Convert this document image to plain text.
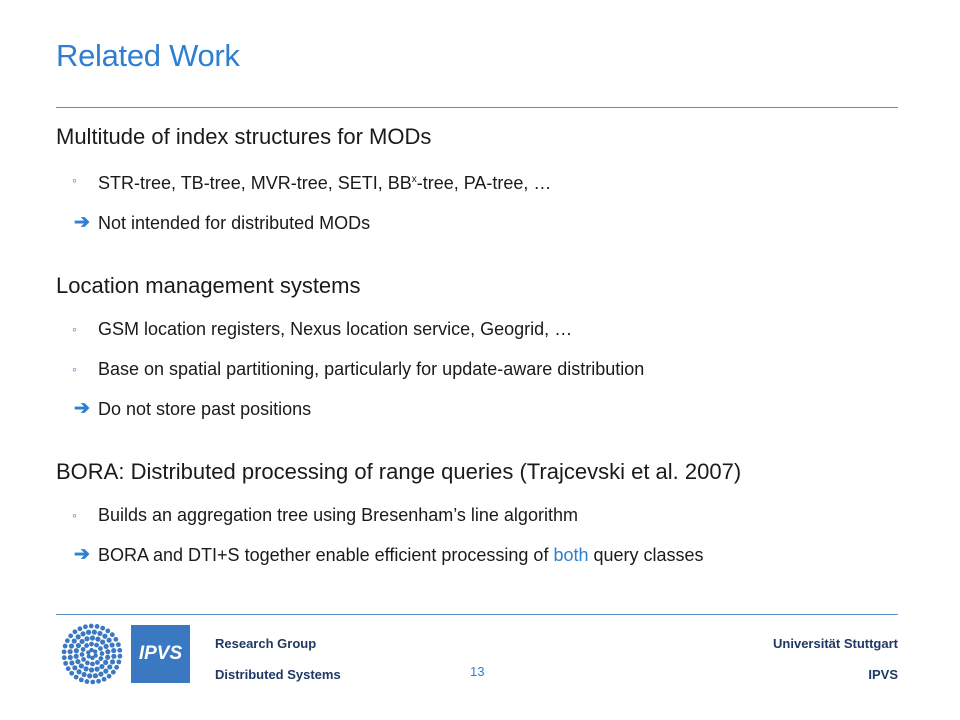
Related Work
Multitude of index structures for MODs
◦ STR-tree, TB-tree, MVR-tree, SETI, $BB^x$-tree, PA-tree, …
➔ Not intended for distributed MODs
Location management systems
◦ GSM location registers, Nexus location service, Geogrid, …
◦ Base on spatial partitioning, particularly for update-aware distribution
➔ Do not store past positions
BORA: Distributed processing of range queries (Trajcevski et al. 2007)
◦ Builds an aggregation tree using Bresenham’s line algorithm
➔ BORA and DTI+S together enable efficient processing of both query classes
IPVS	Research Group
Distributed Systems	13
Universität Stuttgart
IPVS
